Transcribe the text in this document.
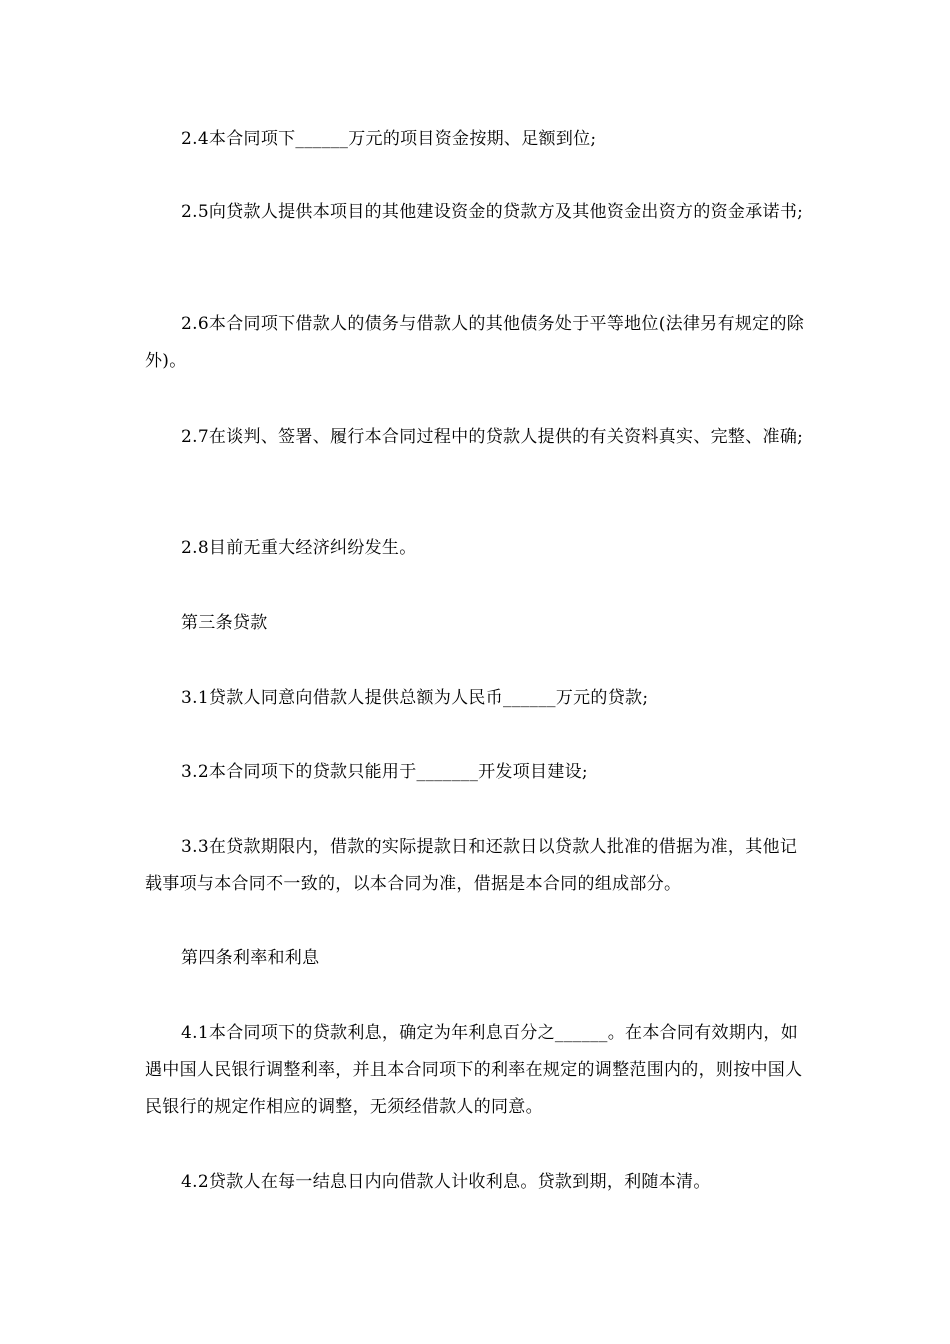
2.4本合同项下______万元的项目资金按期、足额到位;

2.5向贷款人提供本项目的其他建设资金的贷款方及其他资金出资方的资金承诺书;

2.6本合同项下借款人的债务与借款人的其他债务处于平等地位(法律另有规定的除外)。

2.7在谈判、签署、履行本合同过程中的贷款人提供的有关资料真实、完整、准确;

2.8目前无重大经济纠纷发生。

第三条贷款

3.1贷款人同意向借款人提供总额为人民币______万元的贷款;

3.2本合同项下的贷款只能用于_______开发项目建设;

3.3在贷款期限内，借款的实际提款日和还款日以贷款人批准的借据为准，其他记载事项与本合同不一致的，以本合同为准，借据是本合同的组成部分。

第四条利率和利息

4.1本合同项下的贷款利息，确定为年利息百分之______。在本合同有效期内，如遇中国人民银行调整利率，并且本合同项下的利率在规定的调整范围内的，则按中国人民银行的规定作相应的调整，无须经借款人的同意。

4.2贷款人在每一结息日内向借款人计收利息。贷款到期，利随本清。
